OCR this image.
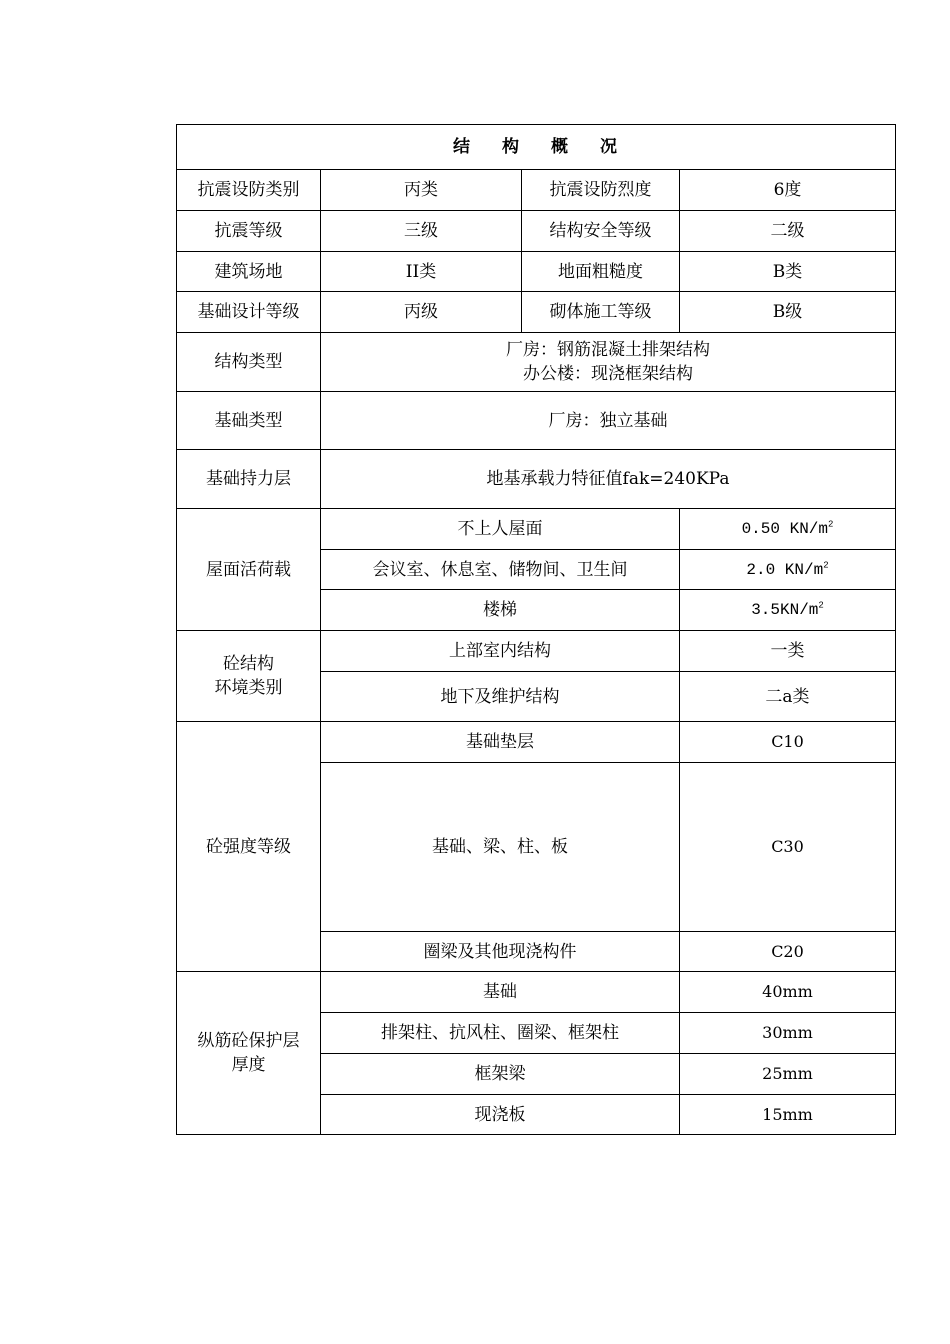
结 构 概 况			
抗震设防类别	丙类	抗震设防烈度	6度
抗震等级	三级	结构安全等级	二级
建筑场地	II类	地面粗糙度	B类
基础设计等级	丙级	砌体施工等级	B级
结构类型	厂房：钢筋混凝土排架结构
办公楼：现浇框架结构		

基础类型	厂房：独立基础		
基础持力层	地基承载力特征值fak=240KPa		
屋面活荷载	不上人屋面		0.50 $KN/m^2$
	会议室、休息室、储物间、卫生间		2.0 $KN/m^2$
	楼梯		$3.5KN/m^2$

砼结构
环境类别	上部室内结构		一类
	地下及维护结构		二a类
砼强度等级	基础垫层		C10
	基础、梁、柱、板		C30
	圈梁及其他现浇构件		C20

纵筋砼保护层
厚度	基础		40mm
	排架柱、抗风柱、圈梁、框架柱		30mm
	框架梁		25mm
	现浇板		15mm
